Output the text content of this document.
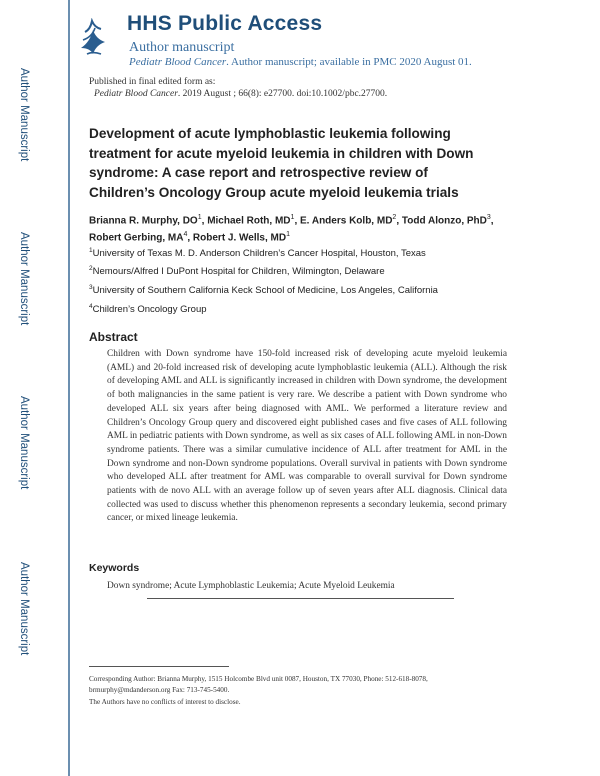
HHS Public Access
Author manuscript
Pediatr Blood Cancer. Author manuscript; available in PMC 2020 August 01.
Author Manuscript
Author Manuscript
Author Manuscript
Author Manuscript
Published in final edited form as:
Pediatr Blood Cancer. 2019 August ; 66(8): e27700. doi:10.1002/pbc.27700.
Development of acute lymphoblastic leukemia following treatment for acute myeloid leukemia in children with Down syndrome: A case report and retrospective review of Children’s Oncology Group acute myeloid leukemia trials
Brianna R. Murphy, $DO^1$, Michael Roth, $MD^1$, E. Anders Kolb, $MD^2$, Todd Alonzo, PhD$^3$, Robert Gerbing, $MA^4$, Robert J. Wells, $MD^1$
$^1$University of Texas M. D. Anderson Children’s Cancer Hospital, Houston, Texas
$^2$Nemours/Alfred I DuPont Hospital for Children, Wilmington, Delaware
$^3$University of Southern California Keck School of Medicine, Los Angeles, California
$^4$Children’s Oncology Group
Abstract
Children with Down syndrome have 150-fold increased risk of developing acute myeloid leukemia (AML) and 20-fold increased risk of developing acute lymphoblastic leukemia (ALL). Although the risk of developing AML and ALL is significantly increased in children with Down syndrome, the development of both malignancies in the same patient is very rare. We describe a patient with Down syndrome who developed ALL six years after being diagnosed with AML. We performed a literature review and Children’s Oncology Group query and discovered eight published cases and five cases of ALL following AML in pediatric patients with Down syndrome, as well as six cases of ALL following AML in non-Down syndrome patients. There was a similar cumulative incidence of ALL after treatment for AML in the Down syndrome and non-Down syndrome populations. Overall survival in patients with Down syndrome who developed ALL after treatment for AML was comparable to overall survival for Down syndrome patients with de novo ALL with an average follow up of seven years after ALL diagnosis. Clinical data collected was used to discuss whether this phenomenon represents a secondary leukemia, second primary cancer, or mixed lineage leukemia.
Keywords
Down syndrome; Acute Lymphoblastic Leukemia; Acute Myeloid Leukemia
Corresponding Author: Brianna Murphy, 1515 Holcombe Blvd unit 0087, Houston, TX 77030, Phone: 512-618-8078, brmurphy@mdanderson.org Fax: 713-745-5400.
The Authors have no conflicts of interest to disclose.
